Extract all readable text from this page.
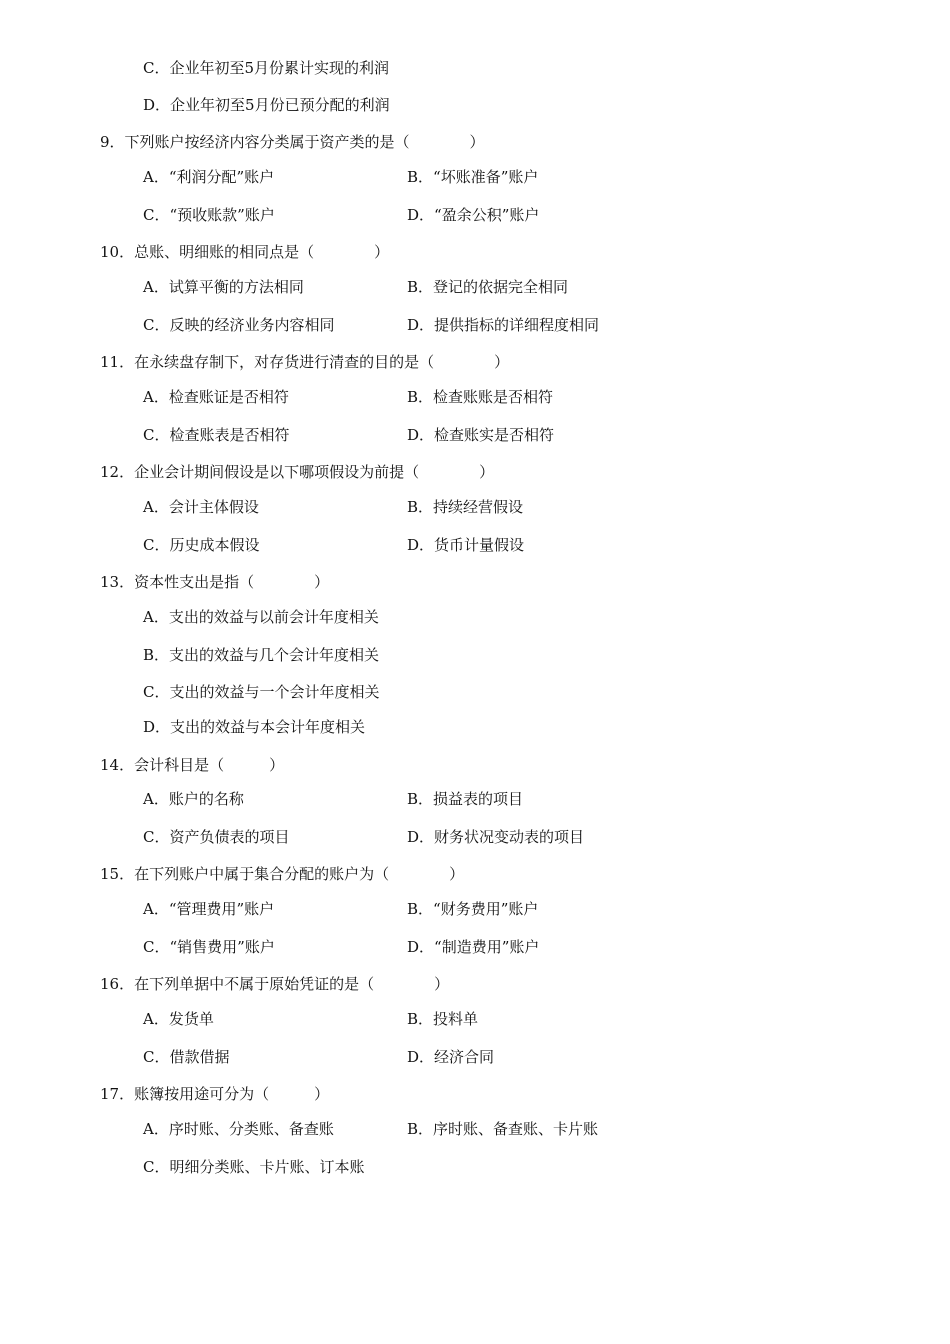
C．企业年初至5月份累计实现的利润
D．企业年初至5月份已预分配的利润
9．下列账户按经济内容分类属于资产类的是（　　　　）
A．“利润分配”账户	B．“坏账准备”账户
C．“预收账款”账户	D．“盈余公积”账户
10．总账、明细账的相同点是（　　　　）
A．试算平衡的方法相同	B．登记的依据完全相同
C．反映的经济业务内容相同	D．提供指标的详细程度相同
11．在永续盘存制下，对存货进行清查的目的是（　　　　）
A．检查账证是否相符	B．检查账账是否相符
C．检查账表是否相符	D．检查账实是否相符
12．企业会计期间假设是以下哪项假设为前提（　　　　）
A．会计主体假设	B．持续经营假设
C．历史成本假设	D．货币计量假设
13．资本性支出是指（　　　　）
A．支出的效益与以前会计年度相关
B．支出的效益与几个会计年度相关
C．支出的效益与一个会计年度相关
D．支出的效益与本会计年度相关
14．会计科目是（　　　）
A．账户的名称	B．损益表的项目
C．资产负债表的项目	D．财务状况变动表的项目
15．在下列账户中属于集合分配的账户为（　　　　）
A．“管理费用”账户	B．“财务费用”账户
C．“销售费用”账户	D．“制造费用”账户
16．在下列单据中不属于原始凭证的是（　　　　）
A．发货单	B．投料单
C．借款借据	D．经济合同
17．账簿按用途可分为（　　　）
A．序时账、分类账、备查账	B．序时账、备查账、卡片账
C．明细分类账、卡片账、订本账
